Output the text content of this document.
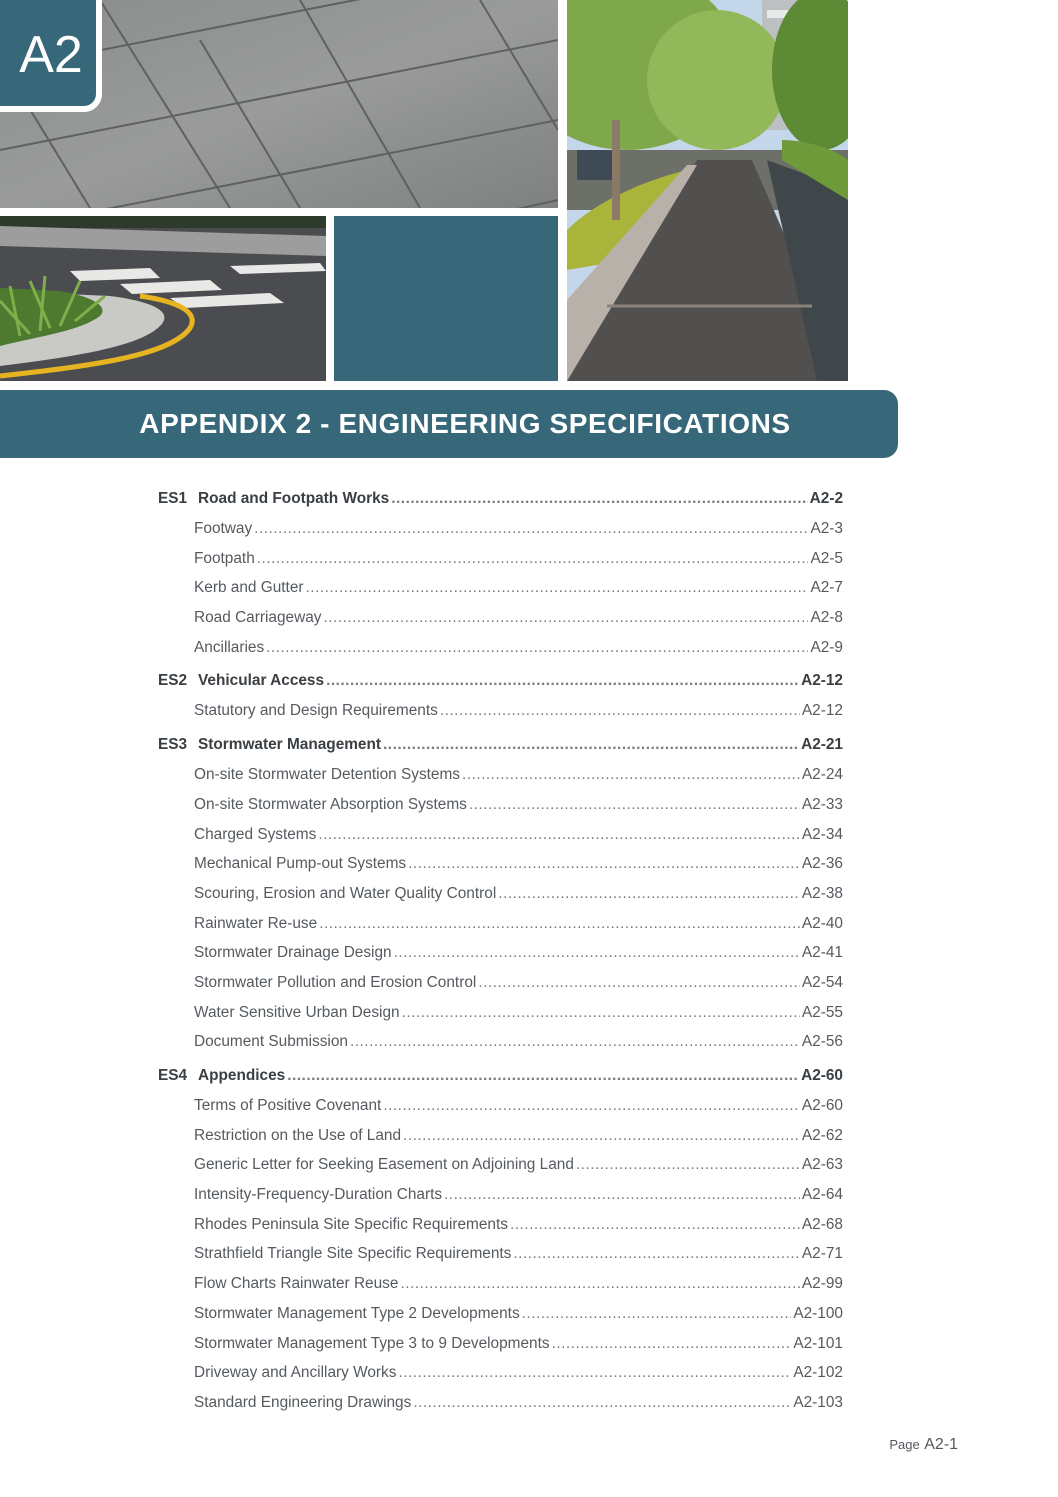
A2
APPENDIX 2 - ENGINEERING SPECIFICATIONS
ES1 Road and Footpath Works .....	A2-2
Footway .....	A2-3
Footpath .....	A2-5
Kerb and Gutter .....	A2-7
Road Carriageway .....	A2-8
Ancillaries .....	A2-9
ES2 Vehicular Access .....	A2-12
Statutory and Design Requirements .....	A2-12
ES3 Stormwater Management .....	A2-21
On-site Stormwater Detention Systems .....	A2-24
On-site Stormwater Absorption Systems .....	A2-33
Charged Systems .....	A2-34
Mechanical Pump-out Systems .....	A2-36
Scouring, Erosion and Water Quality Control .....	A2-38
Rainwater Re-use .....	A2-40
Stormwater Drainage Design .....	A2-41
Stormwater Pollution and Erosion Control .....	A2-54
Water Sensitive Urban Design .....	A2-55
Document Submission .....	A2-56
ES4 Appendices .....	A2-60
Terms of Positive Covenant .....	A2-60
Restriction on the Use of Land .....	A2-62
Generic Letter for Seeking Easement on Adjoining Land .....	A2-63
Intensity-Frequency-Duration Charts .....	A2-64
Rhodes Peninsula Site Specific Requirements .....	A2-68
Strathfield Triangle Site Specific Requirements .....	A2-71
Flow Charts Rainwater Reuse .....	A2-99
Stormwater Management Type 2 Developments .....	A2-100
Stormwater Management Type 3 to 9 Developments .....	A2-101
Driveway and Ancillary Works .....	A2-102
Standard Engineering Drawings .....	A2-103
Page A2-1
